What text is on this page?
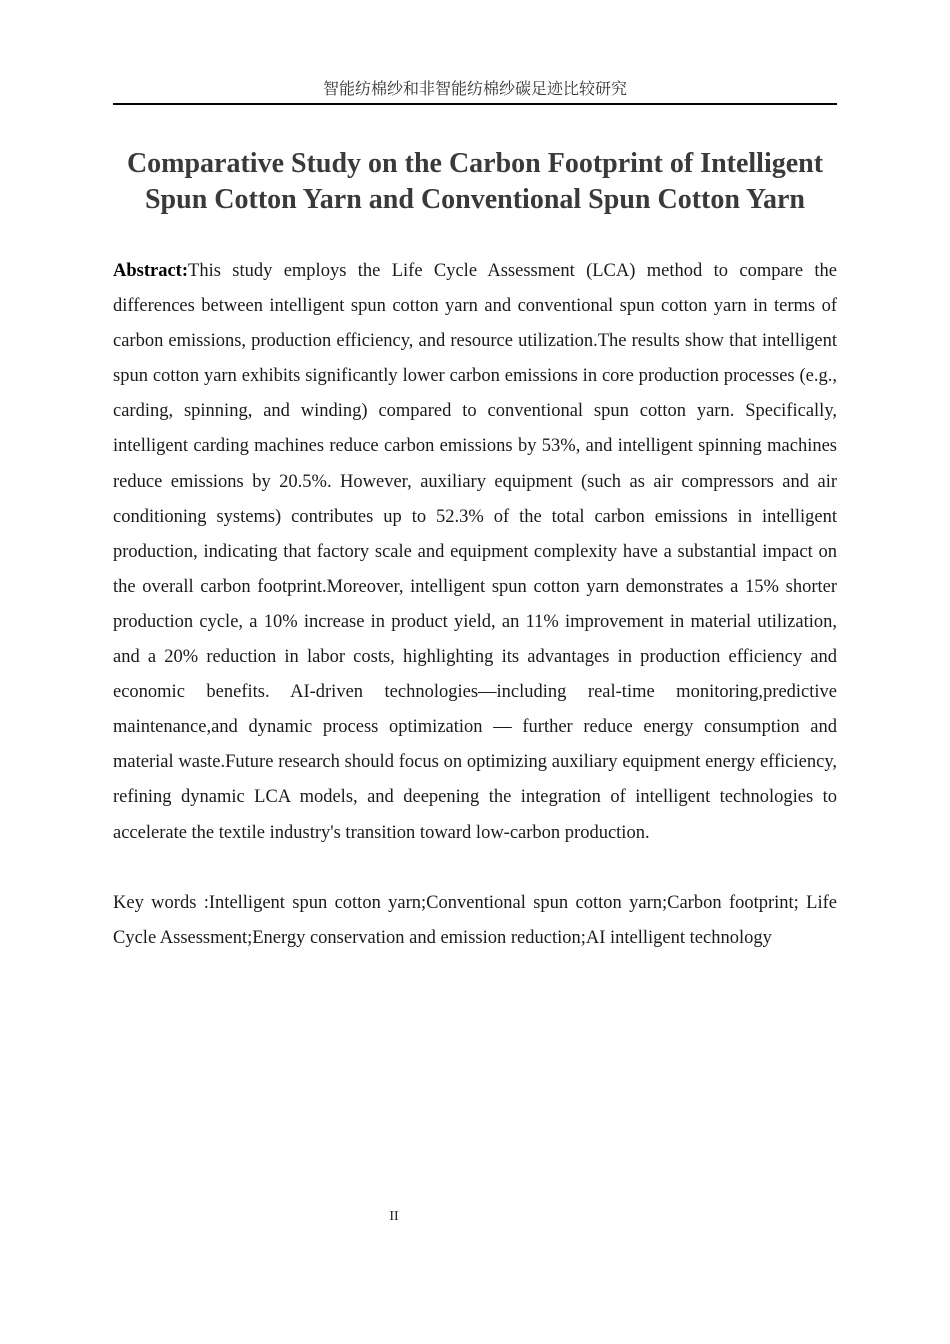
智能纺棉纱和非智能纺棉纱碳足迹比较研究
Comparative Study on the Carbon Footprint of Intelligent Spun Cotton Yarn and Conventional Spun Cotton Yarn

Abstract:This study employs the Life Cycle Assessment (LCA) method to compare the differences between intelligent spun cotton yarn and conventional spun cotton yarn in terms of carbon emissions, production efficiency, and resource utilization.The results show that intelligent spun cotton yarn exhibits significantly lower carbon emissions in core production processes (e.g., carding, spinning, and winding) compared to conventional spun cotton yarn. Specifically, intelligent carding machines reduce carbon emissions by 53%, and intelligent spinning machines reduce emissions by 20.5%. However, auxiliary equipment (such as air compressors and air conditioning systems) contributes up to 52.3% of the total carbon emissions in intelligent production, indicating that factory scale and equipment complexity have a substantial impact on the overall carbon footprint.Moreover, intelligent spun cotton yarn demonstrates a 15% shorter production cycle, a 10% increase in product yield, an 11% improvement in material utilization, and a 20% reduction in labor costs, highlighting its advantages in production efficiency and economic benefits. AI-driven technologies—including real-time monitoring,predictive maintenance,and dynamic process optimization — further reduce energy consumption and material waste.Future research should focus on optimizing auxiliary equipment energy efficiency, refining dynamic LCA models, and deepening the integration of intelligent technologies to accelerate the textile industry's transition toward low-carbon production.

Key words :Intelligent spun cotton yarn;Conventional spun cotton yarn;Carbon footprint; Life Cycle Assessment;Energy conservation and emission reduction;AI intelligent technology

II
